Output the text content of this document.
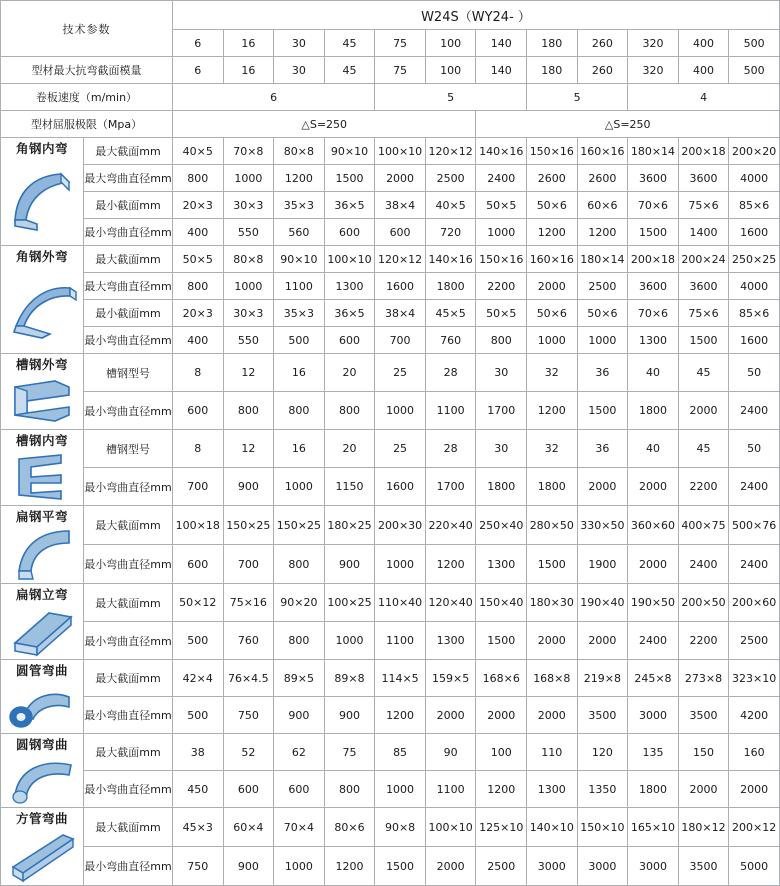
技术参数		W24S（WY24- ）											
		6	16	30	45	75	100	140	180	260	320	400	500
型材最大抗弯截面模量		6	16	30	45	75	100	140	180	260	320	400	500
卷板速度（m/min）		6				5			5		4		
型材屈服极限（Mpa）		△S=250						△S=250					

角钢内弯	最大截面mm	40×5	70×8	80×8	90×10	100×10	120×12	140×16	150×16	160×16	180×14	200×18	200×20
	最大弯曲直径mm	800	1000	1200	1500	2000	2500	2400	2600	2600	3600	3600	4000
	最小截面mm	20×3	30×3	35×3	36×5	38×4	40×5	50×5	50×6	60×6	70×6	75×6	85×6
	最小弯曲直径mm	400	550	560	600	600	720	1000	1200	1200	1500	1400	1600

角钢外弯	最大截面mm	50×5	80×8	90×10	100×10	120×12	140×16	150×16	160×16	180×14	200×18	200×24	250×25
	最大弯曲直径mm	800	1000	1100	1300	1600	1800	2200	2000	2500	3600	3600	4000
	最小截面mm	20×3	30×3	35×3	36×5	38×4	45×5	50×5	50×6	50×6	70×6	75×6	85×6
	最小弯曲直径mm	400	550	500	600	700	760	800	1000	1000	1300	1500	1600

槽钢外弯	槽钢型号	8	12	16	20	25	28	30	32	36	40	45	50
	最小弯曲直径mm	600	800	800	800	1000	1100	1700	1200	1500	1800	2000	2400

槽钢内弯	槽钢型号	8	12	16	20	25	28	30	32	36	40	45	50
	最小弯曲直径mm	700	900	1000	1150	1600	1700	1800	1800	2000	2000	2200	2400

扁钢平弯	最大截面mm	100×18	150×25	150×25	180×25	200×30	220×40	250×40	280×50	330×50	360×60	400×75	500×76
	最小弯曲直径mm	600	700	800	900	1000	1200	1300	1500	1900	2000	2400	2400

扁钢立弯	最大截面mm	50×12	75×16	90×20	100×25	110×40	120×40	150×40	180×30	190×40	190×50	200×50	200×60
	最小弯曲直径mm	500	760	800	1000	1100	1300	1500	2000	2000	2400	2200	2500

圆管弯曲	最大截面mm	42×4	76×4.5	89×5	89×8	114×5	159×5	168×6	168×8	219×8	245×8	273×8	323×10
	最小弯曲直径mm	500	750	900	900	1200	2000	2000	2000	3500	3000	3500	4200

圆钢弯曲	最大截面mm	38	52	62	75	85	90	100	110	120	135	150	160
	最小弯曲直径mm	450	600	600	800	1000	1100	1200	1300	1350	1800	2000	2000

方管弯曲	最大截面mm	45×3	60×4	70×4	80×6	90×8	100×10	125×10	140×10	150×10	165×10	180×12	200×12
	最小弯曲直径mm	750	900	1000	1200	1500	2000	2500	3000	3000	3000	3500	5000
